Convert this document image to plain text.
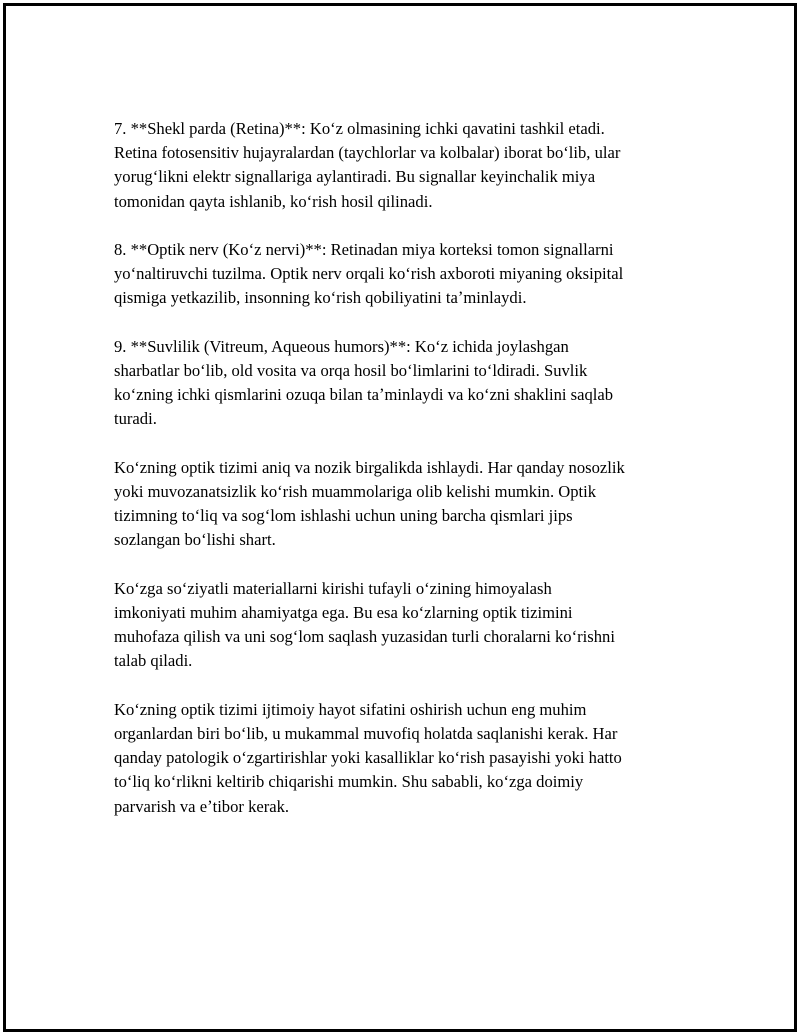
7. **Shekl parda (Retina)**: Koʻz olmasining ichki qavatini tashkil etadi.
Retina fotosensitiv hujayralardan (taychlorlar va kolbalar) iborat boʻlib, ular
yorugʻlikni elektr signallariga aylantiradi. Bu signallar keyinchalik miya
tomonidan qayta ishlanib, koʻrish hosil qilinadi.

8. **Optik nerv (Koʻz nervi)**: Retinadan miya korteksi tomon signallarni
yoʻnaltiruvchi tuzilma. Optik nerv orqali koʻrish axboroti miyaning oksipital
qismiga yetkazilib, insonning koʻrish qobiliyatini taʼminlaydi.

9. **Suvlilik (Vitreum, Aqueous humors)**: Koʻz ichida joylashgan
sharbatlar boʻlib, old vosita va orqa hosil boʻlimlarini toʻldiradi. Suvlik
koʻzning ichki qismlarini ozuqa bilan taʼminlaydi va koʻzni shaklini saqlab
turadi.

Koʻzning optik tizimi aniq va nozik birgalikda ishlaydi. Har qanday nosozlik
yoki muvozanatsizlik koʻrish muammolariga olib kelishi mumkin. Optik
tizimning toʻliq va sogʻlom ishlashi uchun uning barcha qismlari jips
sozlangan boʻlishi shart.

Koʻzga soʻziyatli materiallarni kirishi tufayli oʻzining himoyalash
imkoniyati muhim ahamiyatga ega. Bu esa koʻzlarning optik tizimini
muhofaza qilish va uni sogʻlom saqlash yuzasidan turli choralarni koʻrishni
talab qiladi.

Koʻzning optik tizimi ijtimoiy hayot sifatini oshirish uchun eng muhim
organlardan biri boʻlib, u mukammal muvofiq holatda saqlanishi kerak. Har
qanday patologik oʻzgartirishlar yoki kasalliklar koʻrish pasayishi yoki hatto
toʻliq koʻrlikni keltirib chiqarishi mumkin. Shu sababli, koʻzga doimiy
parvarish va eʼtibor kerak.
